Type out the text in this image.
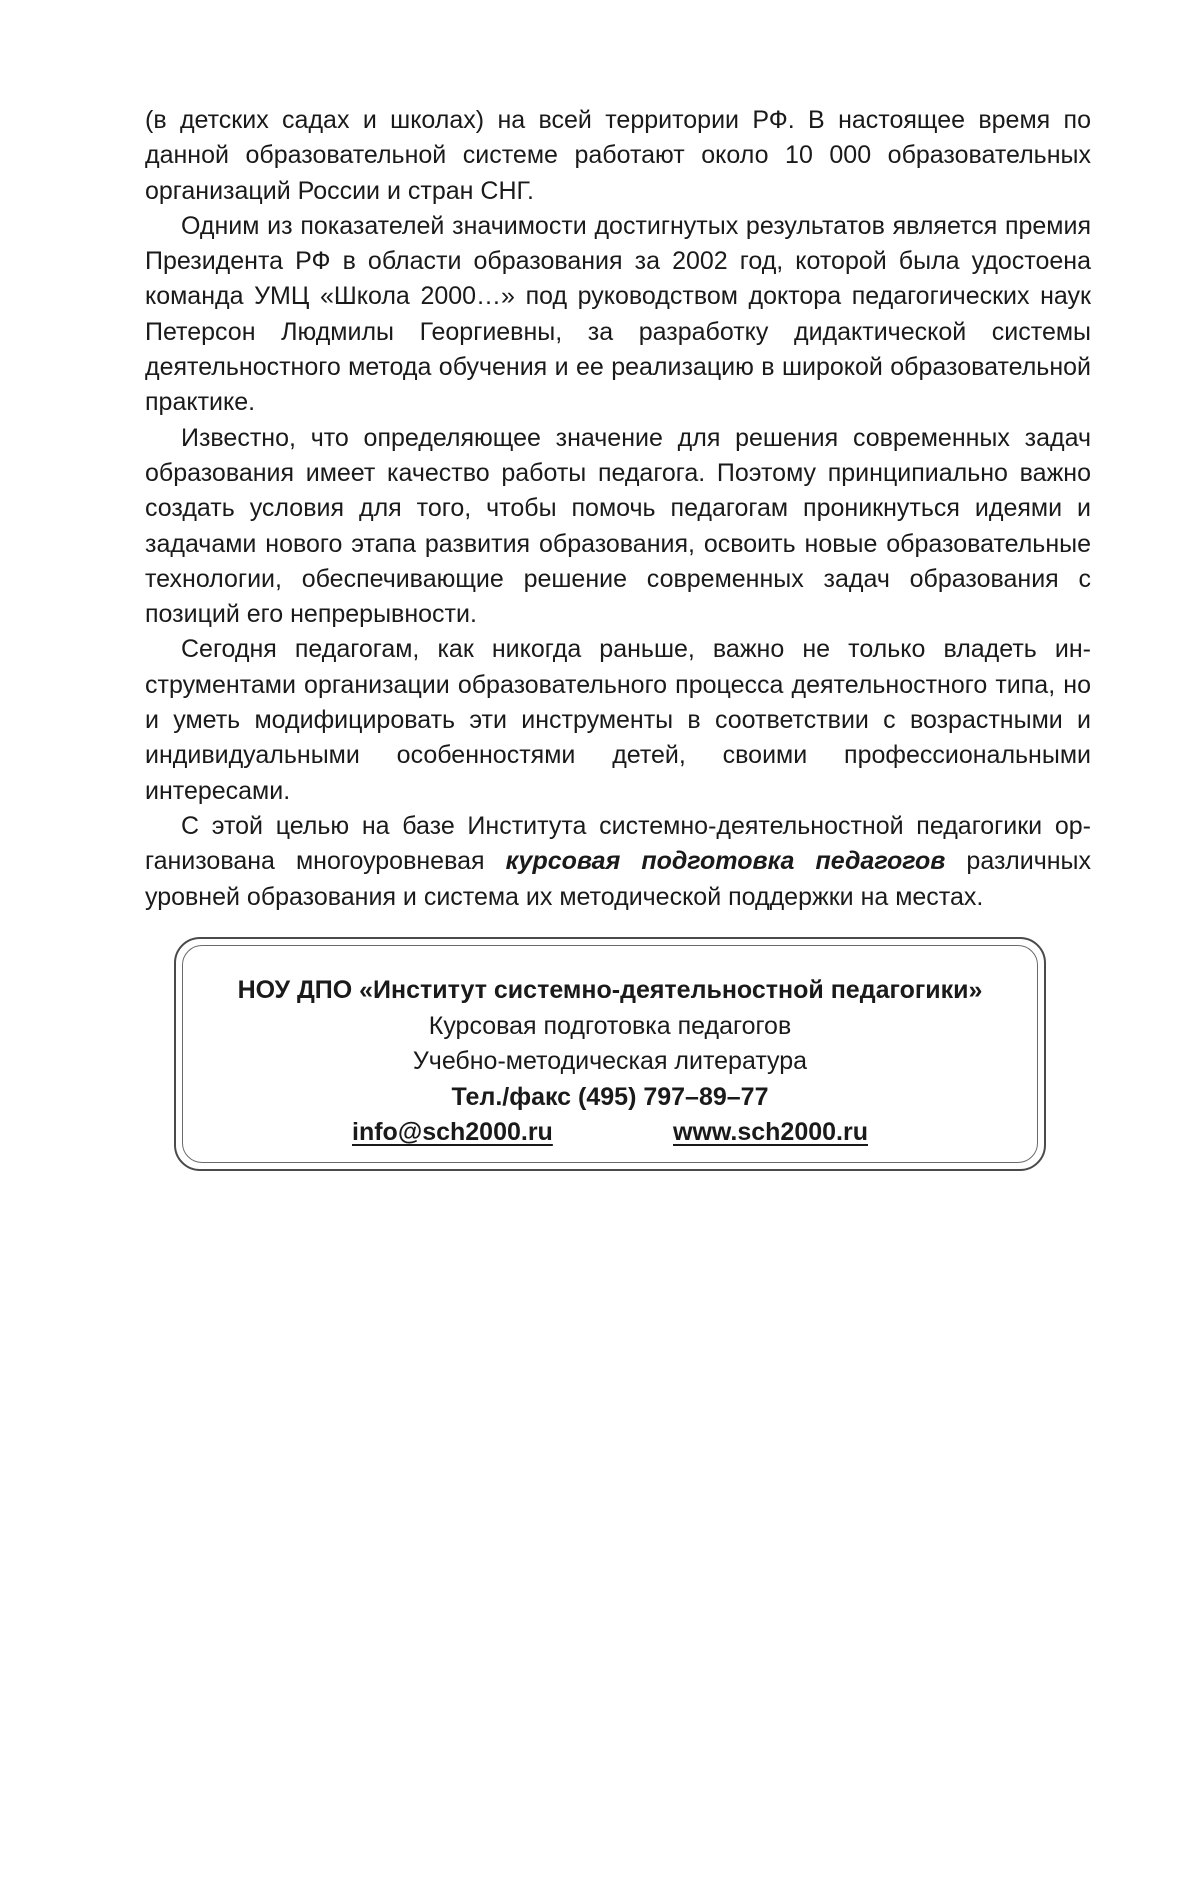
(в детских садах и школах) на всей территории РФ. В настоящее время по данной образовательной системе работают около 10 000 образовательных организаций России и стран СНГ.

Одним из показателей значимости достигнутых результатов является премия Президента РФ в области образования за 2002 год, которой была удостоена команда УМЦ «Школа 2000…» под руководством доктора педагогических наук Петерсон Людмилы Георгиевны, за разработку дидактической системы деятельностного метода обучения и ее реализацию в широкой образовательной практике.

Известно, что определяющее значение для решения современных задач образования имеет качество работы педагога. Поэтому принципиально важно создать условия для того, чтобы помочь педагогам проникнуться идеями и задачами нового этапа развития образования, освоить новые образовательные технологии, обеспечивающие решение современных задач образования с позиций его непрерывности.

Сегодня педагогам, как никогда раньше, важно не только владеть инструментами организации образовательного процесса деятельностного типа, но и уметь модифицировать эти инструменты в соответствии с возрастными и индивидуальными особенностями детей, своими профессиональными интересами.

С этой целью на базе Института системно-деятельностной педагогики организована многоуровневая курсовая подготовка педагогов различных уровней образования и система их методической поддержки на местах.

НОУ ДПО «Институт системно-деятельностной педагогики»
Курсовая подготовка педагогов
Учебно-методическая литература
Тел./факс (495) 797–89–77
info@sch2000.ru	www.sch2000.ru
